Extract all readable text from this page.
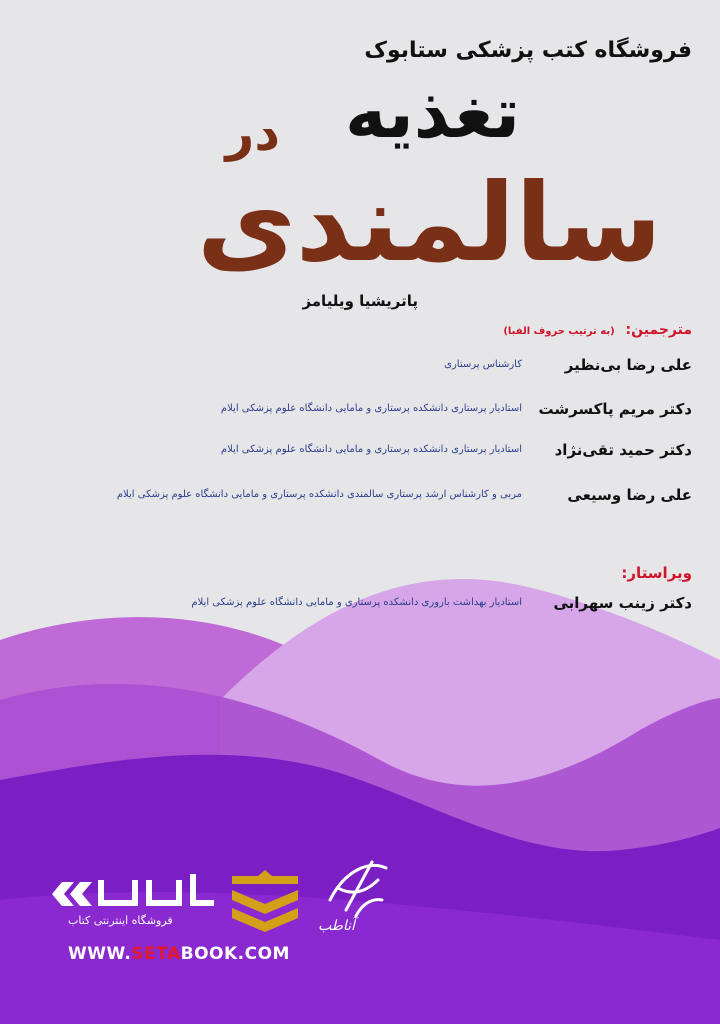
فروشگاه کتب پزشکی ستابوک
تغذیه
در
سالمندی
پاتریشیا ویلیامز
مترجمین: (به ترتیب حروف الفبا)
علی رضا بی‌نظیر
کارشناس پرستاری
دکتر مریم پاکسرشت
استادیار پرستاری دانشکده پرستاری و مامایی دانشگاه علوم پزشکی ایلام
دکتر حمید تقی‌نژاد
استادیار پرستاری دانشکده پرستاری و مامایی دانشگاه علوم پزشکی ایلام
علی رضا وسیعی
مربی و کارشناس ارشد پرستاری سالمندی دانشکده پرستاری و مامایی دانشگاه علوم پزشکی ایلام
ویراستار:
دکتر زینب سهرابی
استادیار بهداشت باروری دانشکده پرستاری و مامایی دانشگاه علوم پزشکی ایلام
فروشگاه اینترنتی کتاب	آناطب
WWW.SETABOOK.COM
